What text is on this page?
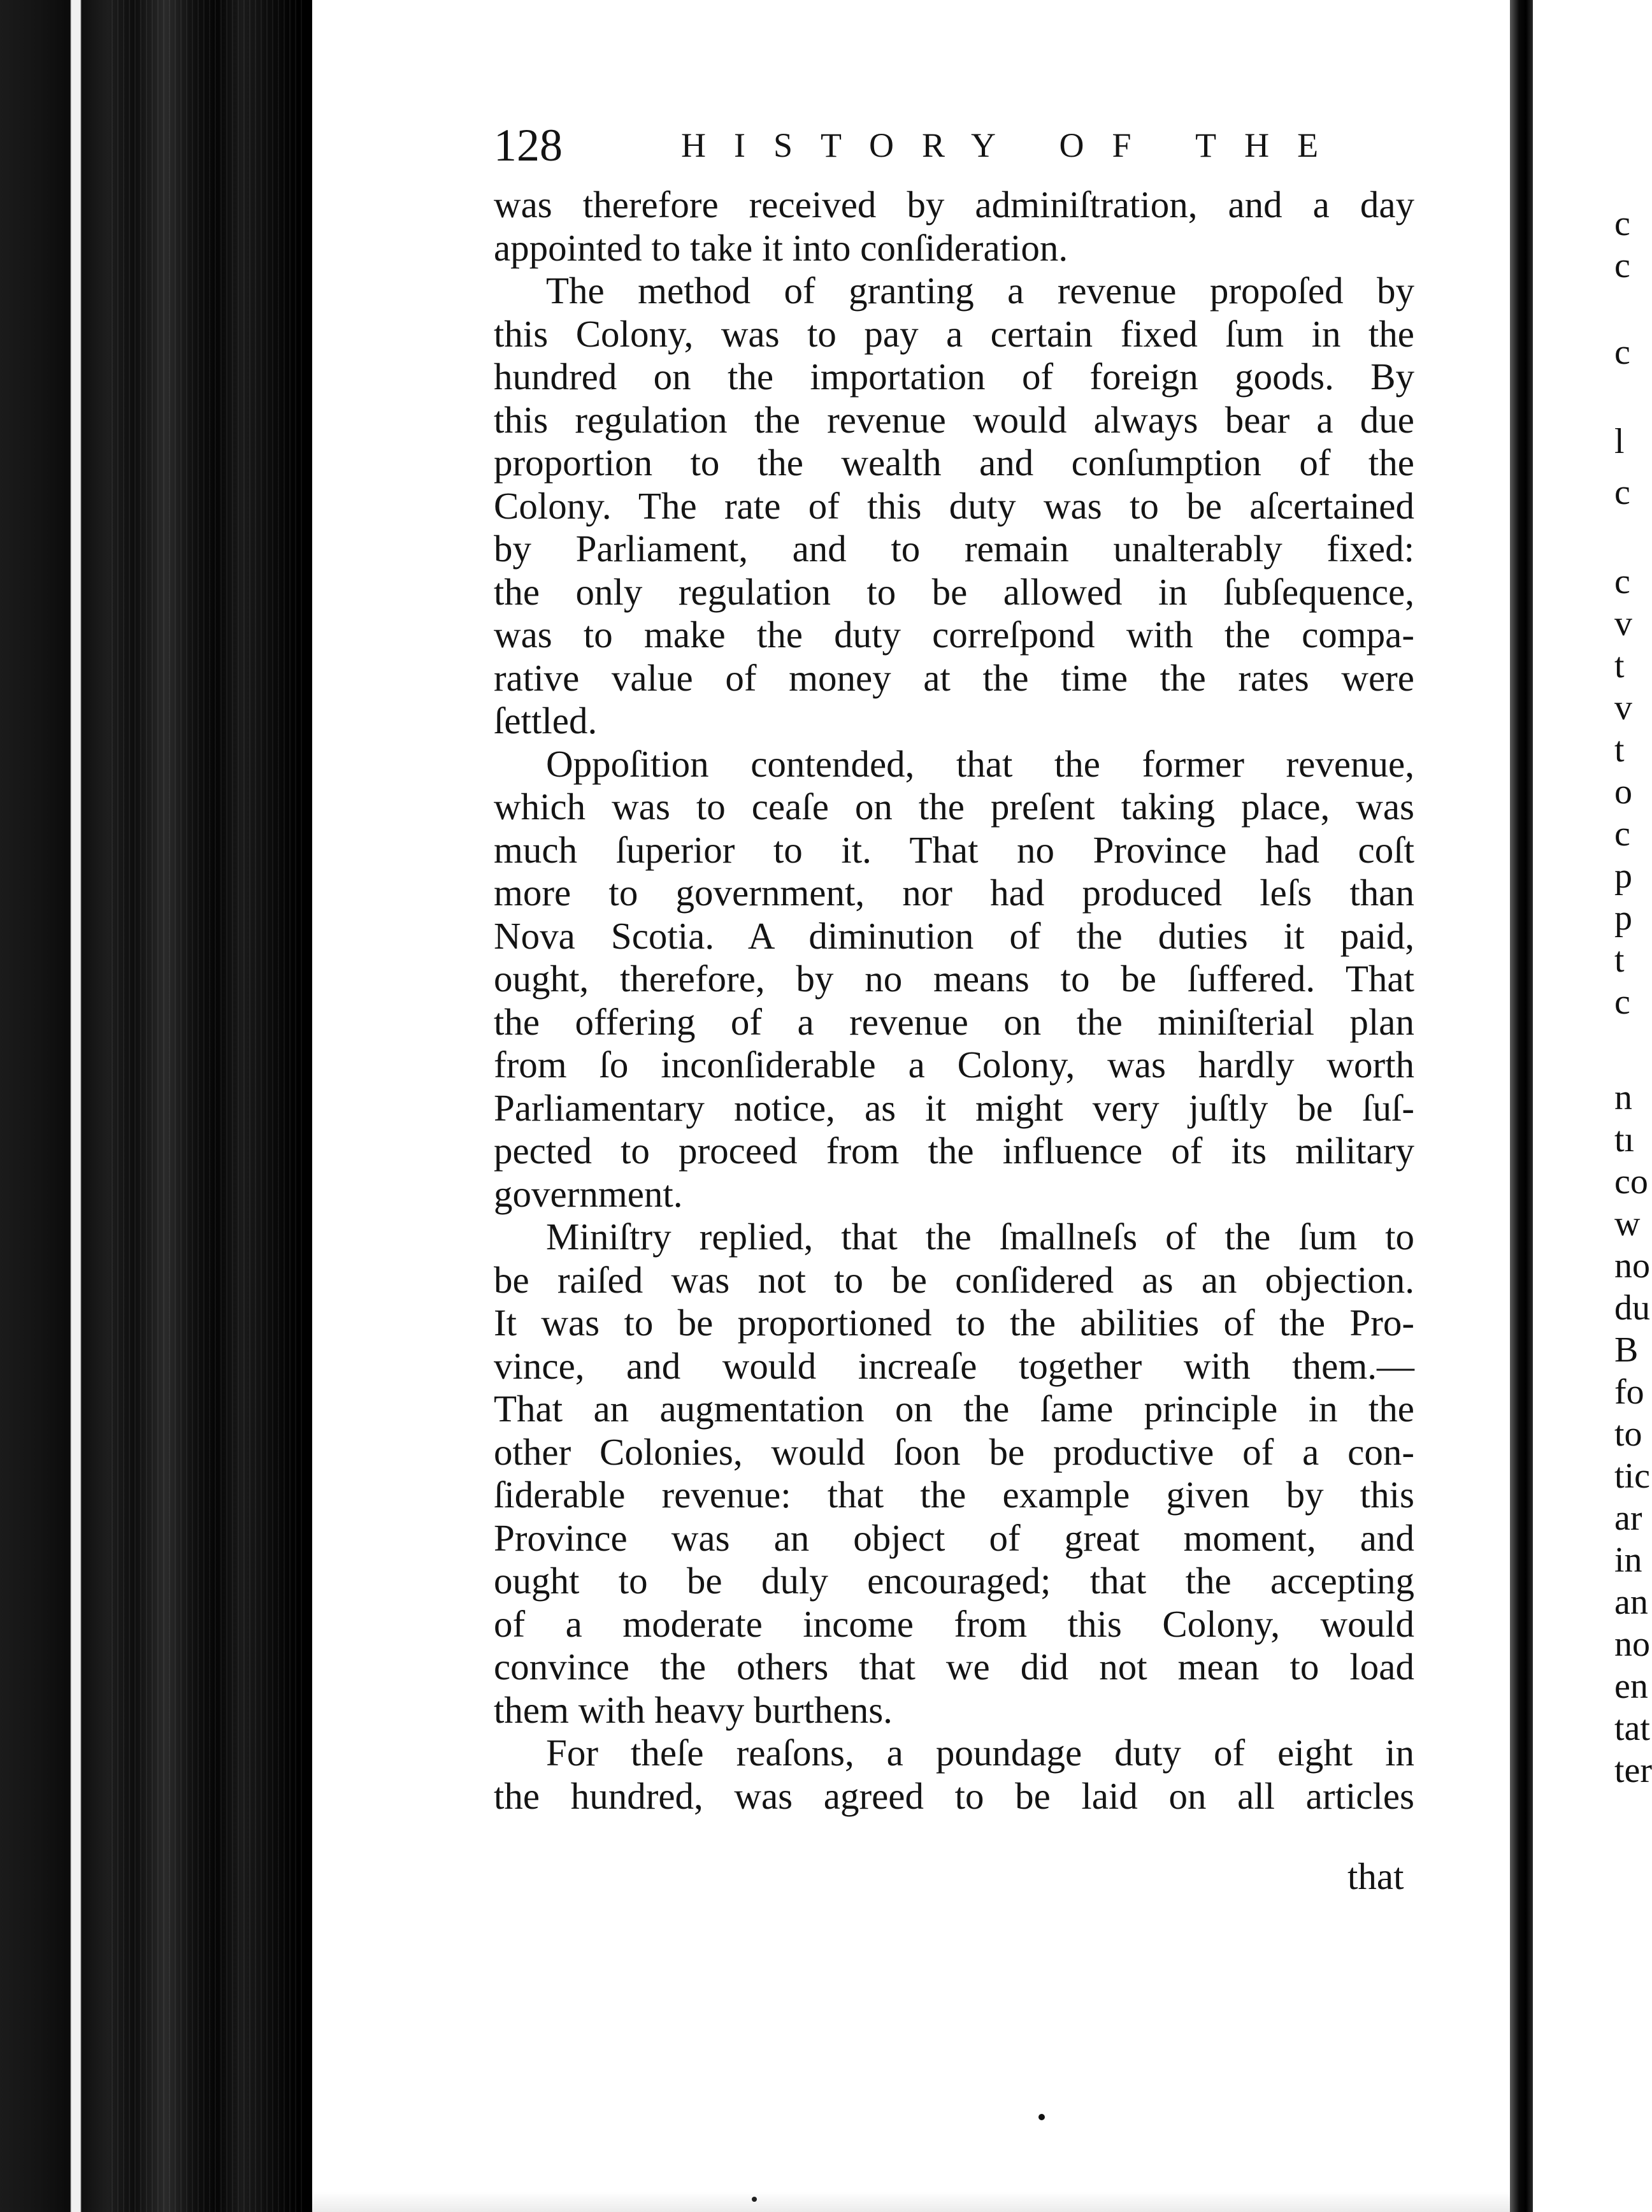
128	HISTORY OF THE
was therefore received by adminiſtration, and a day
appointed to take it into conſideration.
The method of granting a revenue propoſed by
this Colony, was to pay a certain fixed ſum in the
hundred on the importation of foreign goods. By
this regulation the revenue would always bear a due
proportion to the wealth and conſumption of the
Colony. The rate of this duty was to be aſcertained
by Parliament, and to remain unalterably fixed:
the only regulation to be allowed in ſubſequence,
was to make the duty correſpond with the compa-
rative value of money at the time the rates were
ſettled.
Oppoſition contended, that the former revenue,
which was to ceaſe on the preſent taking place, was
much ſuperior to it. That no Province had coſt
more to government, nor had produced leſs than
Nova Scotia. A diminution of the duties it paid,
ought, therefore, by no means to be ſuffered. That
the offering of a revenue on the miniſterial plan
from ſo inconſiderable a Colony, was hardly worth
Parliamentary notice, as it might very juſtly be ſuſ-
pected to proceed from the influence of its military
government.
Miniſtry replied, that the ſmallneſs of the ſum to
be raiſed was not to be conſidered as an objection.
It was to be proportioned to the abilities of the Pro-
vince, and would increaſe together with them.—
That an augmentation on the ſame principle in the
other Colonies, would ſoon be productive of a con-
ſiderable revenue: that the example given by this
Province was an object of great moment, and
ought to be duly encouraged; that the accepting
of a moderate income from this Colony, would
convince the others that we did not mean to load
them with heavy burthens.
For theſe reaſons, a poundage duty of eight in
the hundred, was agreed to be laid on all articles
that
c
c
c
l
c
c
v
t
v
t
o
c
p
p
t
c
n
tı
co
w
no
du
B
fo
to
tic
ar
in
an
no
en
tat
ter
